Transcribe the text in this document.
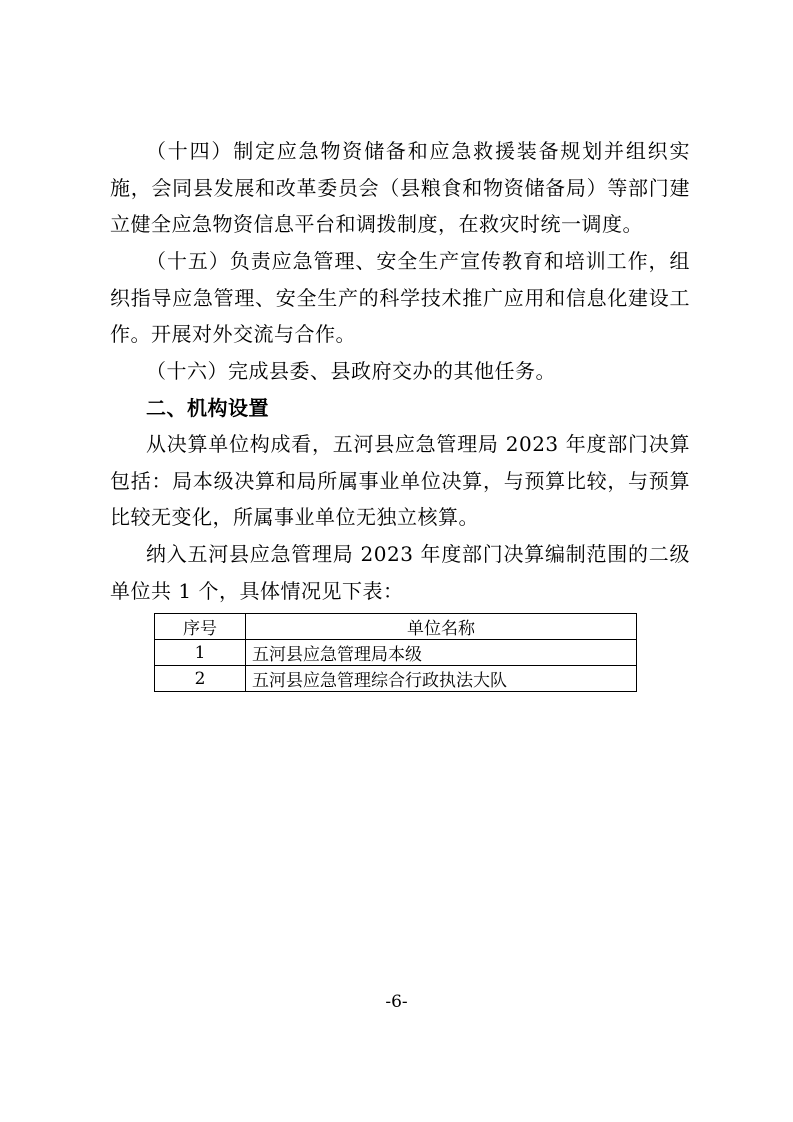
（十四）制定应急物资储备和应急救援装备规划并组织实施，会同县发展和改革委员会（县粮食和物资储备局）等部门建立健全应急物资信息平台和调拨制度，在救灾时统一调度。

（十五）负责应急管理、安全生产宣传教育和培训工作，组织指导应急管理、安全生产的科学技术推广应用和信息化建设工作。开展对外交流与合作。

（十六）完成县委、县政府交办的其他任务。

二、机构设置

从决算单位构成看，五河县应急管理局 2023 年度部门决算包括：局本级决算和局所属事业单位决算，与预算比较，与预算比较无变化，所属事业单位无独立核算。

纳入五河县应急管理局 2023 年度部门决算编制范围的二级单位共 1 个，具体情况见下表：

序号	单位名称
1	五河县应急管理局本级
2	五河县应急管理综合行政执法大队
-6-
